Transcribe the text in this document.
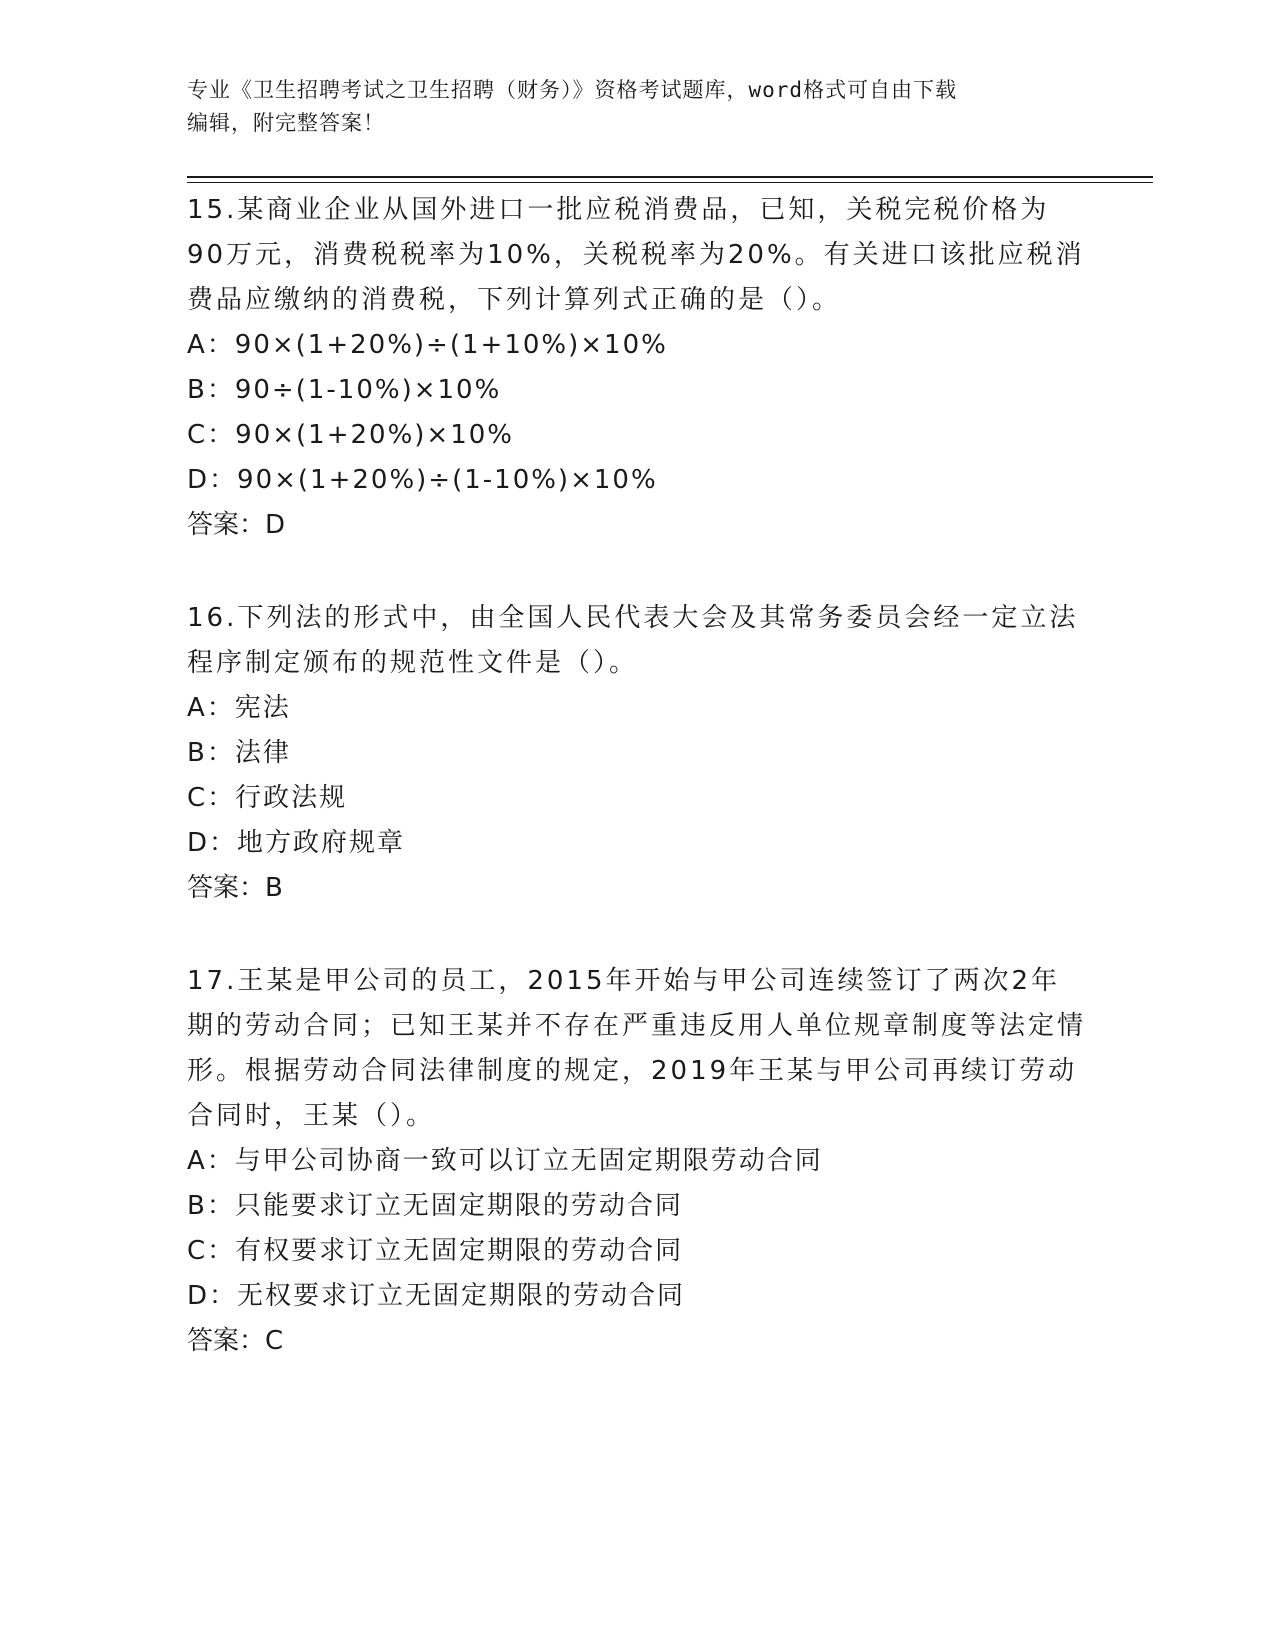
专业《卫生招聘考试之卫生招聘（财务）》资格考试题库，word格式可自由下载
编辑，附完整答案！

15.某商业企业从国外进口一批应税消费品，已知，关税完税价格为90万元，消费税税率为10%，关税税率为20%。有关进口该批应税消费品应缴纳的消费税，下列计算列式正确的是（）。

A：90×(1+20%)÷(1+10%)×10%

B：90÷(1-10%)×10%

C：90×(1+20%)×10%

D：90×(1+20%)÷(1-10%)×10%

答案：D

16.下列法的形式中，由全国人民代表大会及其常务委员会经一定立法程序制定颁布的规范性文件是（）。

A：宪法

B：法律

C：行政法规

D：地方政府规章

答案：B

17.王某是甲公司的员工，2015年开始与甲公司连续签订了两次2年期的劳动合同；已知王某并不存在严重违反用人单位规章制度等法定情形。根据劳动合同法律制度的规定，2019年王某与甲公司再续订劳动合同时，王某（）。

A：与甲公司协商一致可以订立无固定期限劳动合同

B：只能要求订立无固定期限的劳动合同

C：有权要求订立无固定期限的劳动合同

D：无权要求订立无固定期限的劳动合同

答案：C
